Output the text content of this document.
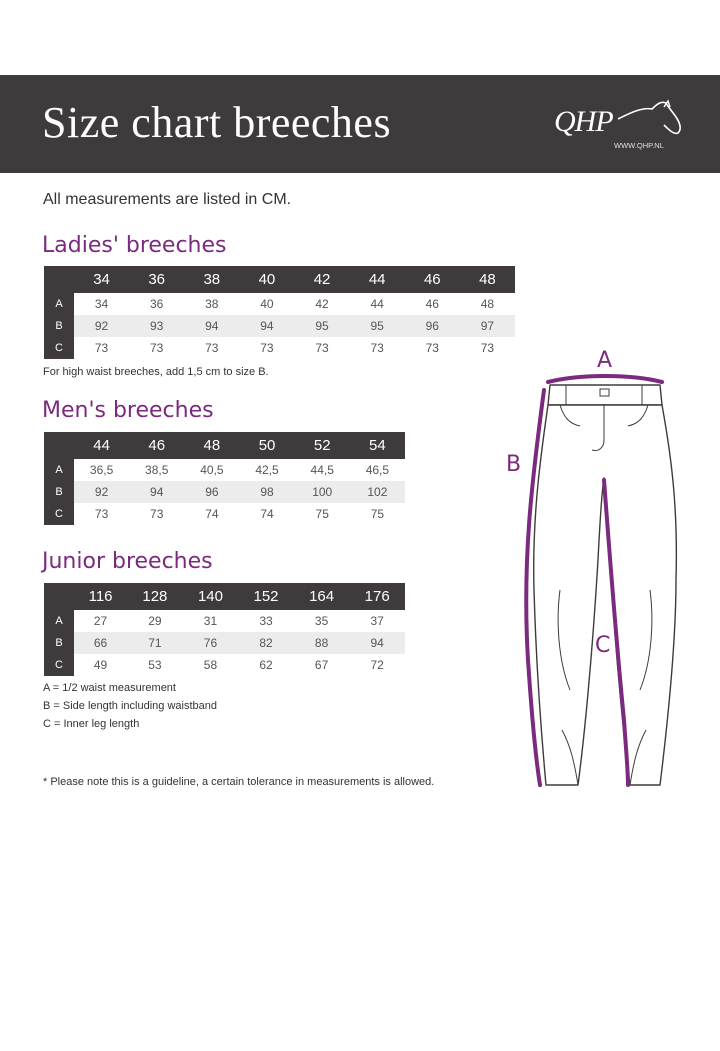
Size chart breeches	QHP
WWW.QHP.NL
All measurements are listed in CM.
Ladies' breeches
	34	36	38	40	42	44	46	48
A	34	36	38	40	42	44	46	48
B	92	93	94	94	95	95	96	97
C	73	73	73	73	73	73	73	73
For high waist breeches, add 1,5 cm to size B.
Men's breeches
	44	46	48	50	52	54
A	36,5	38,5	40,5	42,5	44,5	46,5
B	92	94	96	98	100	102
C	73	73	74	74	75	75
Junior breeches
	116	128	140	152	164	176
A	27	29	31	33	35	37
B	66	71	76	82	88	94
C	49	53	58	62	67	72
A = 1/2 waist measurement
B = Side length including waistband
C = Inner leg length
* Please note this is a guideline, a certain tolerance in measurements is allowed.
A
B
C
